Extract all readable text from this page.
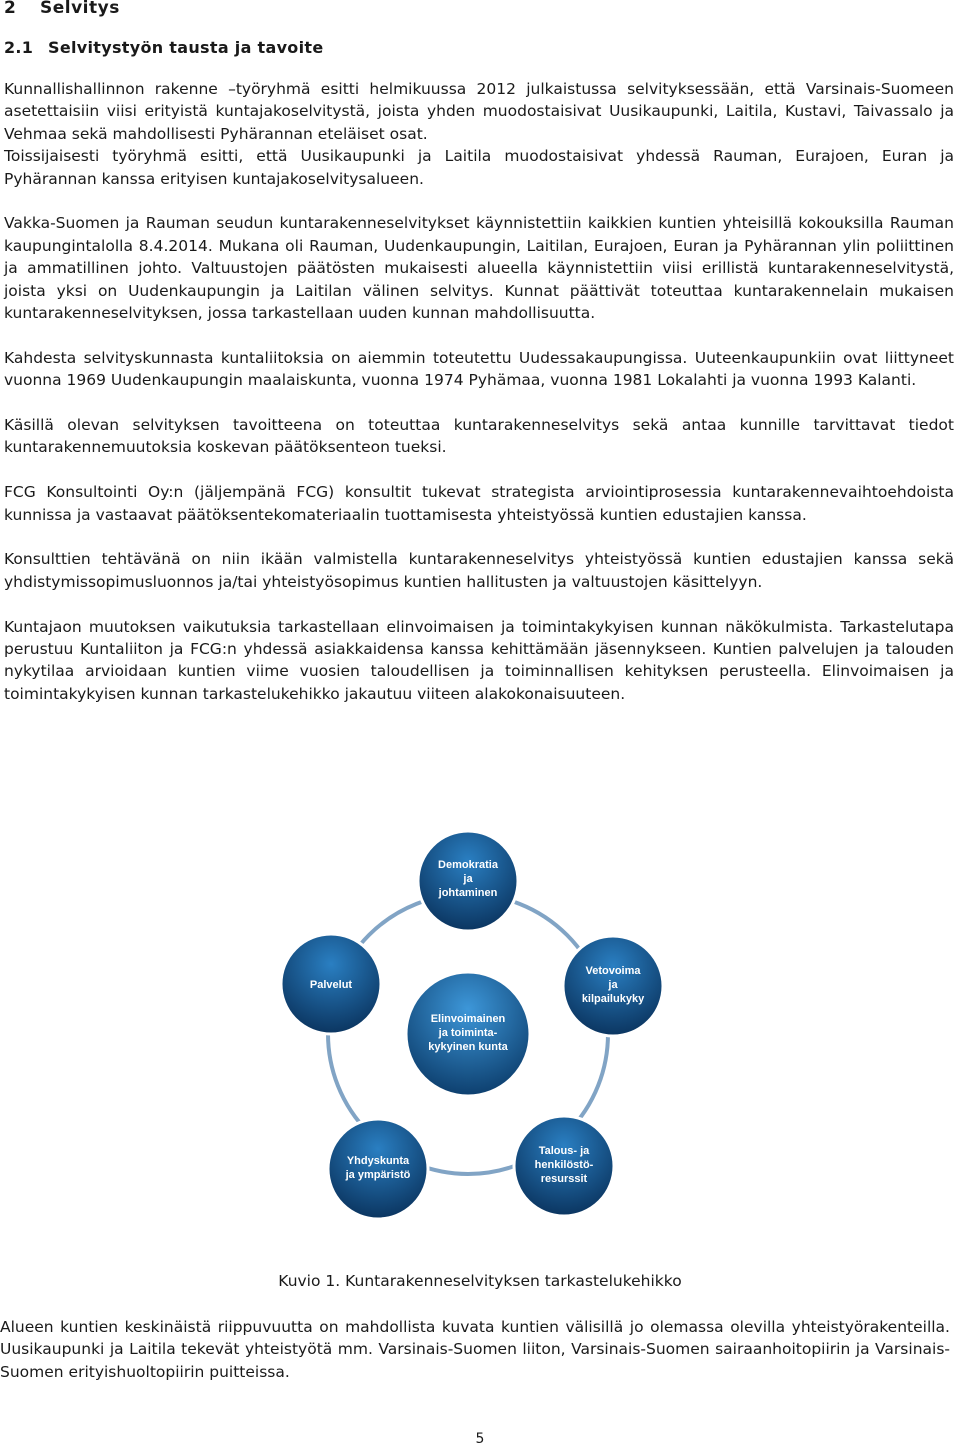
2 Selvitys
2.1 Selvitystyön tausta ja tavoite

Kunnallishallinnon rakenne –työryhmä esitti helmikuussa 2012 julkaistussa selvityksessään, että Varsinais-Suomeen asetettaisiin viisi erityistä kuntajakoselvitystä, joista yhden muodostaisivat Uusikaupunki, Laitila, Kustavi, Taivassalo ja Vehmaa sekä mahdollisesti Pyhärannan eteläiset osat.

Toissijaisesti työryhmä esitti, että Uusikaupunki ja Laitila muodostaisivat yhdessä Rauman, Eurajoen, Euran ja Pyhärannan kanssa erityisen kuntajakoselvitysalueen.

Vakka-Suomen ja Rauman seudun kuntarakenneselvitykset käynnistettiin kaikkien kuntien yhteisillä kokouksilla Rauman kaupungintalolla 8.4.2014. Mukana oli Rauman, Uudenkaupungin, Laitilan, Eurajoen, Euran ja Pyhärannan ylin poliittinen ja ammatillinen johto. Valtuustojen päätösten mukaisesti alueella käynnistettiin viisi erillistä kuntarakenneselvitystä, joista yksi on Uudenkaupungin ja Laitilan välinen selvitys. Kunnat päättivät toteuttaa kuntarakennelain mukaisen kuntarakenneselvityksen, jossa tarkastellaan uuden kunnan mahdollisuutta.

Kahdesta selvityskunnasta kuntaliitoksia on aiemmin toteutettu Uudessakaupungissa. Uuteenkaupunkiin ovat liittyneet vuonna 1969 Uudenkaupungin maalaiskunta, vuonna 1974 Pyhämaa, vuonna 1981 Lokalahti ja vuonna 1993 Kalanti.

Käsillä olevan selvityksen tavoitteena on toteuttaa kuntarakenneselvitys sekä antaa kunnille tarvittavat tiedot kuntarakennemuutoksia koskevan päätöksenteon tueksi.

FCG Konsultointi Oy:n (jäljempänä FCG) konsultit tukevat strategista arviointiprosessia kuntarakennevaihtoehdoista kunnissa ja vastaavat päätöksentekomateriaalin tuottamisesta yhteistyössä kuntien edustajien kanssa.

Konsulttien tehtävänä on niin ikään valmistella kuntarakenneselvitys yhteistyössä kuntien edustajien kanssa sekä yhdistymissopimusluonnos ja/tai yhteistyösopimus kuntien hallitusten ja valtuustojen käsittelyyn.

Kuntajaon muutoksen vaikutuksia tarkastellaan elinvoimaisen ja toimintakykyisen kunnan näkökulmista. Tarkastelutapa perustuu Kuntaliiton ja FCG:n yhdessä asiakkaidensa kanssa kehittämään jäsennykseen. Kuntien palvelujen ja talouden nykytilaa arvioidaan kuntien viime vuosien taloudellisen ja toiminnallisen kehityksen perusteella. Elinvoimaisen ja toimintakykyisen kunnan tarkastelukehikko jakautuu viiteen alakokonaisuuteen.

Elinvoimainen
ja toiminta-
kykyinen kunta
Demokratia
ja
johtaminen
Vetovoima
ja
kilpailukyky
Talous- ja
henkilöstö-
resurssit
Yhdyskunta
ja ympäristö
Palvelut
Kuvio 1. Kuntarakenneselvityksen tarkastelukehikko
Alueen kuntien keskinäistä riippuvuutta on mahdollista kuvata kuntien välisillä jo olemassa olevilla yhteistyörakenteilla. Uusikaupunki ja Laitila tekevät yhteistyötä mm. Varsinais-Suomen liiton, Varsinais-Suomen sairaanhoitopiirin ja Varsinais-Suomen erityishuoltopiirin puitteissa.
5
